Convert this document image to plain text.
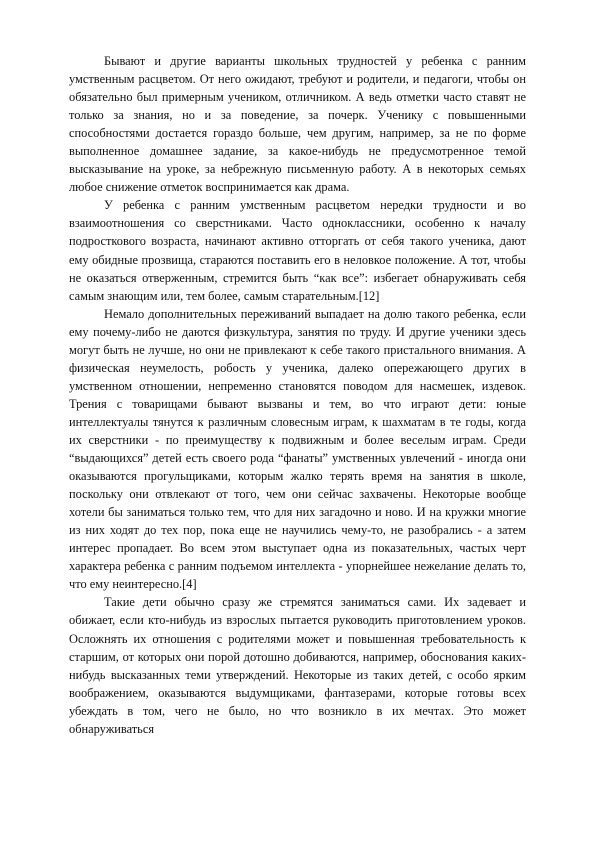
Бывают и другие варианты школьных трудностей у ребенка с ранним умственным расцветом. От него ожидают, требуют и родители, и педагоги, чтобы он обязательно был примерным учеником, отличником. А ведь отметки часто ставят не только за знания, но и за поведение, за почерк. Ученику с повышенными способностями достается гораздо больше, чем другим, например, за не по форме выполненное домашнее задание, за какое-нибудь не предусмотренное темой высказывание на уроке, за небрежную письменную работу. А в некоторых семьях любое снижение отметок воспринимается как драма.

У ребенка с ранним умственным расцветом нередки трудности и во взаимоотношения со сверстниками. Часто одноклассники, особенно к началу подросткового возраста, начинают активно отторгать от себя такого ученика, дают ему обидные прозвища, стараются поставить его в неловкое положение. А тот, чтобы не оказаться отверженным, стремится быть “как все”: избегает обнаруживать себя самым знающим или, тем более, самым старательным.[12]

Немало дополнительных переживаний выпадает на долю такого ребенка, если ему почему-либо не даются физкультура, занятия по труду. И другие ученики здесь могут быть не лучше, но они не привлекают к себе такого пристального внимания. А физическая неумелость, робость у ученика, далеко опережающего других в умственном отношении, непременно становятся поводом для насмешек, издевок. Трения с товарищами бывают вызваны и тем, во что играют дети: юные интеллектуалы тянутся к различным словесным играм, к шахматам в те годы, когда их сверстники - по преимуществу к подвижным и более веселым играм. Среди “выдающихся” детей есть своего рода “фанаты” умственных увлечений - иногда они оказываются прогульщиками, которым жалко терять время на занятия в школе, поскольку они отвлекают от того, чем они сейчас захвачены. Некоторые вообще хотели бы заниматься только тем, что для них загадочно и ново. И на кружки многие из них ходят до тех пор, пока еще не научились чему-то, не разобрались - а затем интерес пропадает. Во всем этом выступает одна из показательных, частых черт характера ребенка с ранним подъемом интеллекта - упорнейшее нежелание делать то, что ему неинтересно.[4]

Такие дети обычно сразу же стремятся заниматься сами. Их задевает и обижает, если кто-нибудь из взрослых пытается руководить приготовлением уроков. Осложнять их отношения с родителями может и повышенная требовательность к старшим, от которых они порой дотошно добиваются, например, обоснования каких-нибудь высказанных теми утверждений. Некоторые из таких детей, с особо ярким воображением, оказываются выдумщиками, фантазерами, которые готовы всех убеждать в том, чего не было, но что возникло в их мечтах. Это может обнаруживаться
